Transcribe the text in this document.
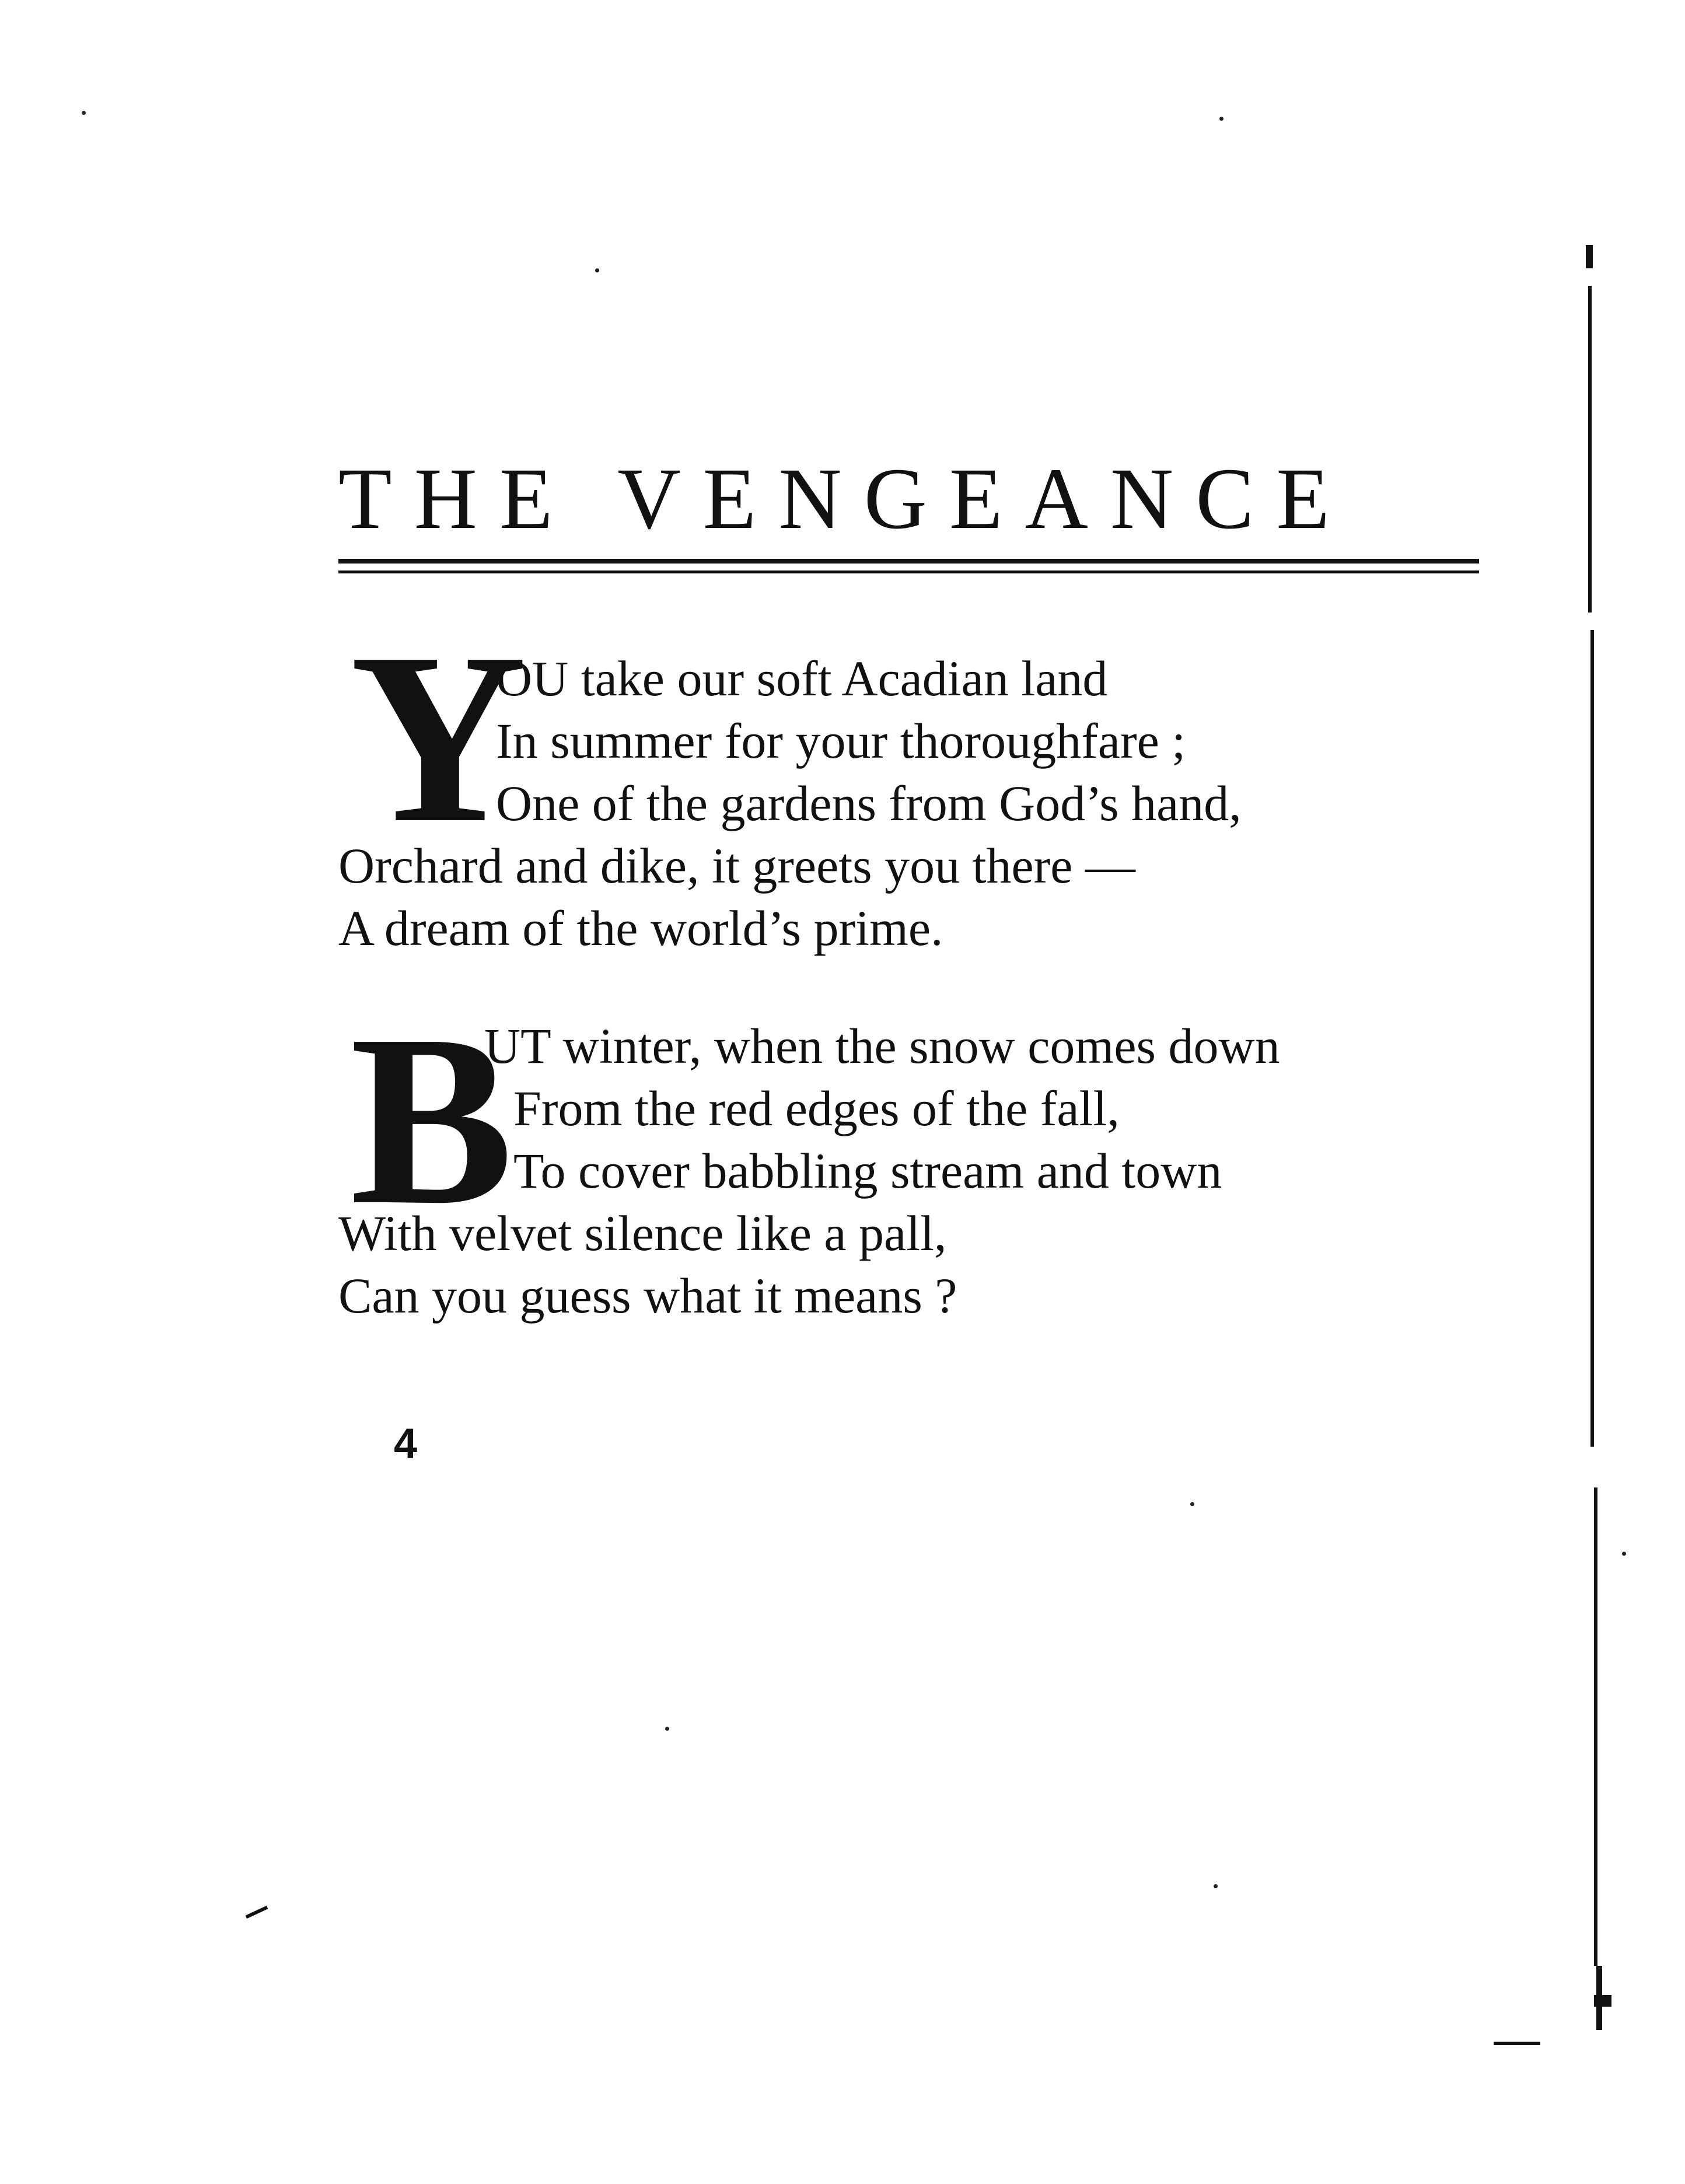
THE VENGEANCE
Y
OU take our soft Acadian land
In summer for your thoroughfare ;
One of the gardens from God’s hand,
Orchard and dike, it greets you there —
A dream of the world’s prime.
B
UT winter, when the snow comes down
From the red edges of the fall,
To cover babbling stream and town
With velvet silence like a pall,
Can you guess what it means ?
4
